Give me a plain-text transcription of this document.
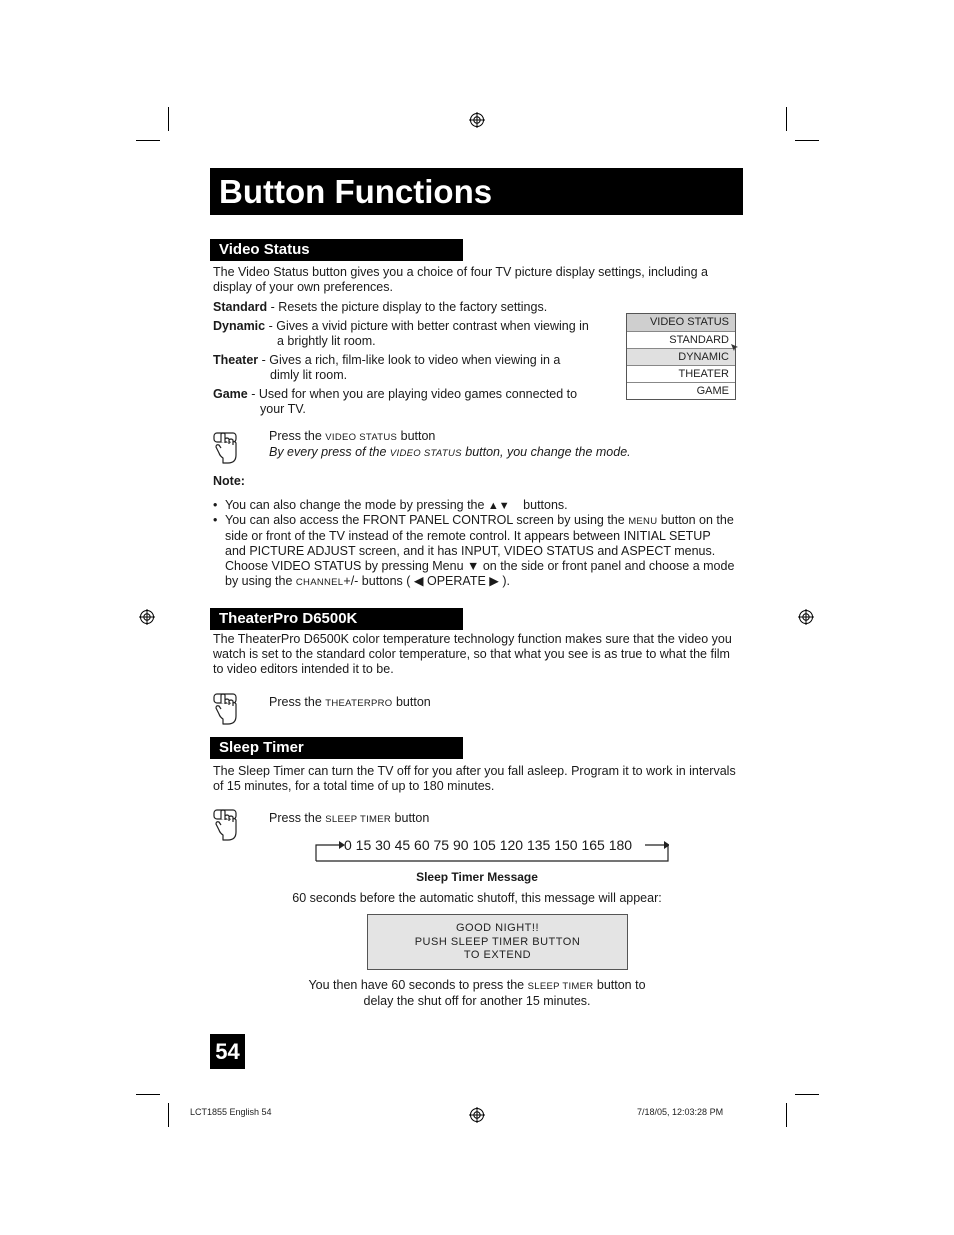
Button Functions
Video Status
The Video Status button gives you a choice of four TV picture display settings, including a
display of your own preferences.
Standard - Resets the picture display to the factory settings.
Dynamic - Gives a vivid picture with better contrast when viewing in
a brightly lit room.
Theater - Gives a rich, film-like look to video when viewing in a
dimly lit room.
Game - Used for when you are playing video games connected to
your TV.
VIDEO STATUS
STANDARD
DYNAMIC
THEATER
GAME
Press the VIDEO STATUS button
By every press of the VIDEO STATUS button, you change the mode.
Note:
• You can also change the mode by pressing the ▲▼ buttons.
• You can also access the FRONT PANEL CONTROL screen by using the MENU button on the
side or front of the TV instead of the remote control. It appears between INITIAL SETUP
and PICTURE ADJUST screen, and it has INPUT, VIDEO STATUS and ASPECT menus.
Choose VIDEO STATUS by pressing Menu ▼ on the side or front panel and choose a mode
by using the CHANNEL+/- buttons ( ◀ OPERATE ▶ ).
TheaterPro D6500K
The TheaterPro D6500K color temperature technology function makes sure that the video you
watch is set to the standard color temperature, so that what you see is as true to what the film
to video editors intended it to be.
Press the THEATERPRO button
Sleep Timer
The Sleep Timer can turn the TV off for you after you fall asleep. Program it to work in intervals
of 15 minutes, for a total time of up to 180 minutes.
Press the SLEEP TIMER button
0 15 30 45 60 75 90 105 120 135 150 165 180
Sleep Timer Message
60 seconds before the automatic shutoff, this message will appear:
GOOD NIGHT!!
PUSH SLEEP TIMER BUTTON
TO EXTEND
You then have 60 seconds to press the SLEEP TIMER button to
delay the shut off for another 15 minutes.
54
LCT1855 English 54	7/18/05, 12:03:28 PM
